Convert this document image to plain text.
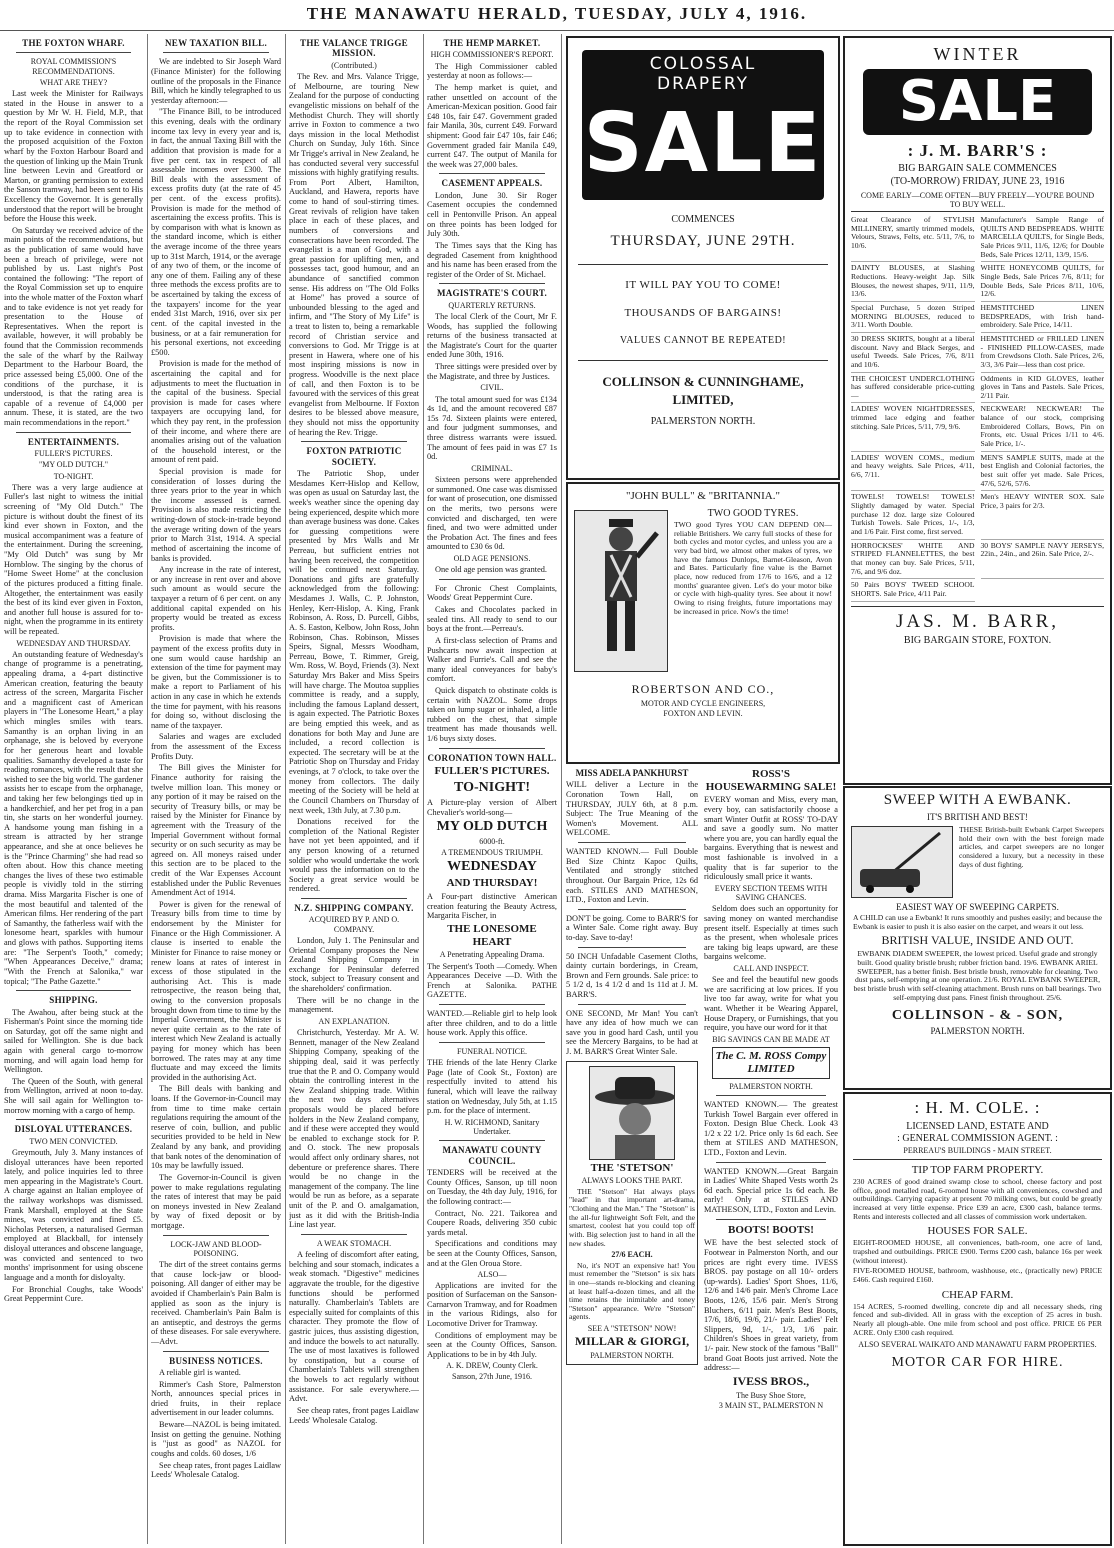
THE MANAWATU HERALD, TUESDAY, JULY 4, 1916.
THE FOXTON WHARF.
ROYAL COMMISSION'S RECOMMENDATIONS.
WHAT ARE THEY?

Last week the Minister for Railways stated in the House in answer to a question by Mr W. H. Field, M.P., that the report of the Royal Commission set up to take evidence in connection with the proposed acquisition of the Foxton wharf by the Foxton Harbour Board and the question of linking up the Main Trunk line between Levin and Greatford or Marton, or granting permission to extend the Sanson tramway, had been sent to His Excellency the Governor. It is generally understood that the report will be brought before the House this week.

On Saturday we received advice of the main points of the recommendations, but as the publication of same would have been a breach of privilege, were not published by us. Last night's Post contained the following: "The report of the Royal Commission set up to enquire into the whole matter of the Foxton wharf and to take evidence is not yet ready for presentation to the House of Representatives. When the report is available, however, it will probably be found that the Commission recommends the sale of the wharf by the Railway Department to the Harbour Board, the price assessed being £5,000. One of the conditions of the purchase, it is understood, is that the rating area is capable of a revenue of £4,000 per annum. These, it is stated, are the two main recommendations in the report."

ENTERTAINMENTS.
FULLER'S PICTURES.
"MY OLD DUTCH."
TO-NIGHT.

There was a very large audience at Fuller's last night to witness the initial screening of "My Old Dutch." The picture is without doubt the finest of its kind ever shown in Foxton, and the musical accompaniment was a feature of the entertainment. During the screening, "My Old Dutch" was sung by Mr Hornblow. The singing by the chorus of "Home Sweet Home" at the conclusion of the pictures produced a fitting finale. Altogether, the entertainment was easily the best of its kind ever given in Foxton, and another full house is assured for to-night, when the programme in its entirety will be repeated.

WEDNESDAY AND THURSDAY.

An outstanding feature of Wednesday's change of programme is a penetrating, appealing drama, a 4-part distinctive American creation, featuring the beauty actress of the screen, Margarita Fischer and a magnificent cast of American players in "The Lonesome Heart," a play which mingles smiles with tears. Samanthy is an orphan living in an orphanage, she is beloved by everyone for her generous heart and lovable qualities. Samanthy developed a taste for reading romances, with the result that she wished to see the big world. The gardener assists her to escape from the orphanage, and taking her few belongings tied up in a handkerchief, and her pet frog in a pan tin, she starts on her wonderful journey. A handsome young man fishing in a stream is attracted by her strange appearance, and she at once believes he is the "Prince Charming" she had read so often about. How this chance meeting changes the lives of these two estimable people is vividly told in the stirring drama. Miss Margarita Fischer is one of the most beautiful and talented of the American films. Her rendering of the part of Samanthy, the fatherless waif with the lonesome heart, sparkles with humour and glows with pathos. Supporting items are: "The Serpent's Tooth," comedy; "When Appearances Deceive," drama; "With the French at Salonika," war topical; "The Pathe Gazette."

SHIPPING.

The Awahou, after being stuck at the Fisherman's Point since the morning tide on Saturday, got off the same night and sailed for Wellington. She is due back again with general cargo to-morrow morning, and will again load hemp for Wellington.

The Queen of the South, with general from Wellington, arrived at noon to-day. She will sail again for Wellington to-morrow morning with a cargo of hemp.

DISLOYAL UTTERANCES.
TWO MEN CONVICTED.

Greymouth, July 3. Many instances of disloyal utterances have been reported lately, and police inquiries led to three men appearing in the Magistrate's Court. A charge against an Italian employee of the railway workshops was dismissed. Frank Marshall, employed at the State mines, was convicted and fined £5. Nicholas Petersen, a naturalised German employed at Blackball, for intensely disloyal utterances and obscene language, was convicted and sentenced to two months' imprisonment for using obscene language and a month for disloyalty.

For Bronchial Coughs, take Woods' Great Peppermint Cure.

NEW TAXATION BILL.

We are indebted to Sir Joseph Ward (Finance Minister) for the following outline of the proposals in the Finance Bill, which he kindly telegraphed to us yesterday afternoon:—

"The Finance Bill, to be introduced this evening, deals with the ordinary income tax levy in every year and is, in fact, the annual Taxing Bill with the addition that provision is made for a five per cent. tax in respect of all assessable incomes over £300. The Bill deals with the assessment of excess profits duty (at the rate of 45 per cent. of the excess profits). Provision is made for the method of ascertaining the excess profits. This is by comparison with what is known as the standard income, which is either the average income of the three years up to 31st March, 1914, or the average of any two of them, or the income of any one of them. Failing any of these three methods the excess profits are to be ascertained by taking the excess of the taxpayers' income for the year ended 31st March, 1916, over six per cent. of the capital invested in the business, or at a fair remuneration for his personal exertions, not exceeding £500.

Provision is made for the method of ascertaining the capital and for adjustments to meet the fluctuation in the capital of the business. Special provision is made for cases where taxpayers are occupying land, for which they pay rent, in the profession of their income, and where there are anomalies arising out of the valuation of the household interest, or the amount of rent paid.

Special provision is made for consideration of losses during the three years prior to the year in which the income assessed is earned. Provision is also made restricting the writing-down of stock-in-trade beyond the average writing down of the years prior to March 31st, 1914. A special method of ascertaining the income of banks is provided.

Any increase in the rate of interest, or any increase in rent over and above such amount as would secure the taxpayer a return of 6 per cent. on any additional capital expended on his property would be treated as excess profits.

Provision is made that where the payment of the excess profits duty in one sum would cause hardship an extension of the time for payment may be given, but the Commissioner is to make a report to Parliament of his action in any case in which he extends the time for payment, with his reasons for doing so, without disclosing the name of the taxpayer.

Salaries and wages are excluded from the assessment of the Excess Profits Duty.

The Bill gives the Minister for Finance authority for raising the twelve million loan. This money or any portion of it may be raised on the security of Treasury bills, or may be raised by the Minister for Finance by agreement with the Treasury of the Imperial Government without formal security or on such security as may be agreed on. All moneys raised under this section are to be placed to the credit of the War Expenses Account established under the Public Revenues Amendment Act of 1914.

Power is given for the renewal of Treasury bills from time to time by endorsement by the Minister for Finance or the High Commissioner. A clause is inserted to enable the Minister for Finance to raise money or renew loans at rates of interest in excess of those stipulated in the authorising Act. This is made retrospective, the reason being that, owing to the conversion proposals brought down from time to time by the Imperial Government, the Minister is never quite certain as to the rate of interest which New Zealand is actually paying for money which has been borrowed. The rates may at any time fluctuate and may exceed the limits provided in the authorising Act.

The Bill deals with banking and loans. If the Governor-in-Council may from time to time make certain regulations requiring the amount of the reserve of coin, bullion, and public securities provided to be held in New Zealand by any bank, and providing that bank notes of the denomination of 10s may be lawfully issued.

The Governor-in-Council is given power to make regulations regulating the rates of interest that may be paid on moneys invested in New Zealand by way of fixed deposit or by mortgage.

LOCK-JAW AND BLOOD-POISONING.

The dirt of the street contains germs that cause lock-jaw or blood-poisoning. All danger of either may be avoided if Chamberlain's Pain Balm is applied as soon as the injury is received. Chamberlain's Pain Balm is an antiseptic, and destroys the germs of these diseases. For sale everywhere.—Advt.

BUSINESS NOTICES.

A reliable girl is wanted.

Rimmer's Cash Store, Palmerston North, announces special prices in dried fruits, in their replace advertisement in our leader columns.

Beware—NAZOL is being imitated. Insist on getting the genuine. Nothing is "just as good" as NAZOL for coughs and colds. 60 doses, 1/6

See cheap rates, front pages Laidlaw Leeds' Wholesale Catalog.

THE VALANCE TRIGGE MISSION.
(Contributed.)

The Rev. and Mrs. Valance Trigge, of Melbourne, are touring New Zealand for the purpose of conducting evangelistic missions on behalf of the Methodist Church. They will shortly arrive in Foxton to commence a two days mission in the local Methodist Church on Sunday, July 16th. Since Mr Trigge's arrival in New Zealand, he has conducted several very successful missions with highly gratifying results. From Port Albert, Hamilton, Auckland, and Hawera, reports have come to hand of soul-stirring times. Great revivals of religion have taken place in each of these places, and numbers of conversions and consecrations have been recorded. The evangelist is a man of God, with a great passion for uplifting men, and possesses tact, good humour, and an abundance of sanctified common sense. His address on "The Old Folks at Home" has proved a source of unbounded blessing to the aged and infirm, and "The Story of My Life" is a treat to listen to, being a remarkable record of Christian service and conversions to God. Mr Trigge is at present in Hawera, where one of his most inspiring missions is now in progress. Woodville is the next place of call, and then Foxton is to be favoured with the services of this great evangelist from Melbourne. If Foxton desires to be blessed above measure, they should not miss the opportunity of hearing the Rev. Trigge.

FOXTON PATRIOTIC SOCIETY.

The Patriotic Shop, under Mesdames Kerr-Hislop and Kellow, was open as usual on Saturday last, the week's weather since the opening day being experienced, despite which more than average business was done. Cakes for guessing competitions were presented by Mrs Walls and Mr Perreau, but sufficient entries not having been received, the competition will be continued next Saturday. Donations and gifts are gratefully acknowledged from the following: Mesdames J. Walls, C. P. Johnston, Henley, Kerr-Hislop, A. King, Frank Robinson, A. Ross, D. Purcell, Gibbs, A. S. Easton, Kelbow, John Ross, John Robinson, Chas. Robinson, Misses Speirs, Signal, Messrs Woodham, Perreau, Bowe, T. Rimmer, Greig, Wm. Ross, W. Boyd, Friends (3). Next Saturday Mrs Baker and Miss Speirs will have charge. The Moutoa supplies committee is ready, and a supply, including the famous Lapland dessert, is again expected. The Patriotic Boxes are being emptied this week, and as donations for both May and June are included, a record collection is expected. The secretary will be at the Patriotic Shop on Thursday and Friday evenings, at 7 o'clock, to take over the money from collectors. The daily meeting of the Society will be held at the Council Chambers on Thursday of next week, 13th July, at 7.30 p.m.

Donations received for the completion of the National Register have not yet been appointed, and if any person knowing of a returned soldier who would undertake the work would pass the information on to the Society a great service would be rendered.

N.Z. SHIPPING COMPANY.
ACQUIRED BY P. AND O. COMPANY.

London, July 1. The Peninsular and Oriental Company proposes the New Zealand Shipping Company in exchange for Peninsular deferred stock, subject to Treasury consent and the shareholders' confirmation.

There will be no change in the management.

AN EXPLANATION.

Christchurch, Yesterday. Mr A. W. Bennett, manager of the New Zealand Shipping Company, speaking of the shipping deal, said it was perfectly true that the P. and O. Company would obtain the controlling interest in the New Zealand shipping trade. Within the next two days alternatives proposals would be placed before holders in the New Zealand company, and if these were accepted they would be enabled to exchange stock for P. and O. stock. The new proposals would affect only ordinary shares, not debenture or preference shares. There would be no change in the management of the company. The line would be run as before, as a separate unit of the P. and O. amalgamation, just as it did with the British-India Line last year.

A WEAK STOMACH.

A feeling of discomfort after eating, belching and sour stomach, indicates a weak stomach. "Digestive" medicines aggravate the trouble, for the digestive functions should be performed naturally. Chamberlain's Tablets are especially suited for complaints of this character. They promote the flow of gastric juices, thus assisting digestion, and induce the bowels to act naturally. The use of most laxatives is followed by constipation, but a course of Chamberlain's Tablets will strengthen the bowels to act regularly without assistance. For sale everywhere.—Advt.

See cheap rates, front pages Laidlaw Leeds' Wholesale Catalog.

THE HEMP MARKET.
HIGH COMMISSIONER'S REPORT.

The High Commissioner cabled yesterday at noon as follows:—

The hemp market is quiet, and rather unsettled on account of the American-Mexican position. Good fair £48 10s, fair £47. Government graded fair Manila, 30s, current £49. Forward shipment: Good fair £47 10s, fair £46; Government graded fair Manila £49, current £47. The output of Manila for the week was 27,000 bales.

CASEMENT APPEALS.

London, June 30. Sir Roger Casement occupies the condemned cell in Pentonville Prison. An appeal on three points has been lodged for July 30th.

The Times says that the King has degraded Casement from knighthood and his name has been erased from the register of the Order of St. Michael.

MAGISTRATE'S COURT.
QUARTERLY RETURNS.

The local Clerk of the Court, Mr F. Woods, has supplied the following returns of the business transacted at the Magistrate's Court for the quarter ended June 30th, 1916.

Three sittings were presided over by the Magistrate, and three by Justices.

CIVIL.

The total amount sued for was £134 4s 1d, and the amount recovered £87 15s 7d. Sixteen plaints were entered, and four judgment summonses, and three distress warrants were issued. The amount of fees paid in was £7 1s 0d.

CRIMINAL.

Sixteen persons were apprehended or summoned. One case was dismissed for want of prosecution, one dismissed on the merits, two persons were convicted and discharged, ten were fined, and two were admitted under the Probation Act. The fines and fees amounted to £30 6s 0d.

OLD AGE PENSIONS.

One old age pension was granted.

For Chronic Chest Complaints, Woods' Great Peppermint Cure.

Cakes and Chocolates packed in sealed tins. All ready to send to our boys at the front.—Perreau's.

A first-class selection of Prams and Pushcarts now await inspection at Walker and Furrie's. Call and see the many ideal conveyances for baby's comfort.

Quick dispatch to obstinate colds is certain with NAZOL. Some drops taken on lump sugar or inhaled, a little rubbed on the chest, that simple treatment has made thousands well. 1/6 buys sixty doses.

CORONATION TOWN HALL.
FULLER'S PICTURES.
TO-NIGHT!

A Picture-play version of Albert Chevalier's world-song—

MY OLD DUTCH
6000-ft.
A TREMENDOUS TRIUMPH.
WEDNESDAY
AND THURSDAY!

A Four-part distinctive American creation featuring the Beauty Actress, Margarita Fischer, in

THE LONESOME HEART
A Penetrating Appealing Drama.

The Serpent's Tooth —Comedy. When Appearances Deceive —D. With the French at Salonika. PATHE GAZETTE.

WANTED.—Reliable girl to help look after three children, and to do a little house work. Apply this office.

FUNERAL NOTICE.

THE friends of the late Henry Clarke Page (late of Cook St., Foxton) are respectfully invited to attend his funeral, which will leave the railway station on Wednesday, July 5th, at 1.15 p.m. for the place of interment.

H. W. RICHMOND, Sanitary Undertaker.
MANAWATU COUNTY COUNCIL.

TENDERS will be received at the County Offices, Sanson, up till noon on Tuesday, the 4th day July, 1916, for the following contract:—

Contract, No. 221. Taikorea and Coupere Roads, delivering 350 cubic yards metal.

Specifications and conditions may be seen at the County Offices, Sanson, and at the Glen Oroua Store.

ALSO—

Applications are invited for the position of Surfaceman on the Sanson-Carnarvon Tramway, and for Roadmen in the various Ridings, also for Locomotive Driver for Tramway.

Conditions of employment may be seen at the County Offices, Sanson. Applications to be in by 4th July.

A. K. DREW, County Clerk.
Sanson, 27th June, 1916.
COLOSSAL
DRAPERY
SALE
COMMENCES
THURSDAY, JUNE 29TH.
IT WILL PAY YOU TO COME!
THOUSANDS OF BARGAINS!
VALUES CANNOT BE REPEATED!
COLLINSON & CUNNINGHAME, LIMITED,
PALMERSTON NORTH.
"JOHN BULL" & "BRITANNIA."
TWO GOOD TYRES.

TWO good Tyres YOU CAN DEPEND ON—reliable Britishers. We carry full stocks of these for both cycles and motor cycles, and unless you are a very bad bird, we almost other makes of tyres, we have the famous Dunlops, Barnet-Gleason, Avon and Bates. Particularly fine value is the Barnet place, now reduced from 17/6 to 16/6, and a 12 months' guarantee given. Let's do your motor bike or cycle with high-quality tyres. See about it now! Owing to rising freights, future importations may be increased in price. Now's the time!

ROBERTSON AND CO.,
MOTOR AND CYCLE ENGINEERS,
FOXTON AND LEVIN.
WINTER
SALE
: J. M. BARR'S :
BIG BARGAIN SALE COMMENCES
(TO-MORROW) FRIDAY, JUNE 23, 1916
COME EARLY—COME OFTEN—BUY FREELY—YOU'RE BOUND TO BUY WELL.
Great Clearance of STYLISH MILLINERY, smartly trimmed models, Velours, Straws, Felts, etc. 5/11, 7/6, to 10/6.
Manufacturer's Sample Range of QUILTS AND BEDSPREADS. WHITE MARCELLA QUILTS, for Single Beds, Sale Prices 9/11, 11/6, 12/6; for Double Beds, Sale Prices 12/11, 13/9, 15/6.
DAINTY BLOUSES, at Slashing Reductions. Heavy-weight Jap. Silk Blouses, the newest shapes, 9/11, 11/9, 13/6.
WHITE HONEYCOMB QUILTS, for Single Beds, Sale Prices 7/6, 8/11; for Double Beds, Sale Prices 8/11, 10/6, 12/6.
Special Purchase, 5 dozen Striped MORNING BLOUSES, reduced to 3/11. Worth Double.
HEMSTITCHED LINEN BEDSPREADS, with Irish hand-embroidery. Sale Price, 14/11.
30 DRESS SKIRTS, bought at a liberal discount. Navy and Black Serges, and useful Tweeds. Sale Prices, 7/6, 8/11 and 10/6.
HEMSTITCHED or FRILLED LINEN - FINISHED PILLOW-CASES, made from Crewdsons Cloth. Sale Prices, 2/6, 3/3, 3/6 Pair—less than cost price.
THE CHOICEST UNDERCLOTHING has suffered considerable price-cutting—
Oddments in KID GLOVES, leather gloves in Tans and Pastels. Sale Prices, 2/11 Pair.
LADIES' WOVEN NIGHTDRESSES, trimmed lace edging and feather stitching. Sale Prices, 5/11, 7/9, 9/6.
NECKWEAR! NECKWEAR! The balance of our stock, comprising Embroidered Collars, Bows, Pin on Fronts, etc. Usual Prices 1/11 to 4/6. Sale Price, 1/-.
LADIES' WOVEN COMS., medium and heavy weights. Sale Prices, 4/11, 6/6, 7/11.
MEN'S SAMPLE SUITS, made at the best English and Colonial factories, the best suit offer yet made. Sale Prices, 47/6, 52/6, 57/6.
TOWELS! TOWELS! TOWELS! Slightly damaged by water. Special purchase 12 doz. large size Coloured Turkish Towels. Sale Prices, 1/-, 1/3, and 1/6 Pair. First come, first served.
Men's HEAVY WINTER SOX. Sale Price, 3 pairs for 2/3.
HORROCKSES' WHITE AND STRIPED FLANNELETTES, the best that money can buy. Sale Prices, 5/11, 7/6, and 9/6 doz.
30 BOYS' SAMPLE NAVY JERSEYS, 22in., 24in., and 26in. Sale Price, 2/-.
50 Pairs BOYS' TWEED SCHOOL SHORTS. Sale Price, 4/11 Pair.
JAS. M. BARR,
BIG BARGAIN STORE, FOXTON.
MISS ADELA PANKHURST

WILL deliver a Lecture in the Coronation Town Hall, on THURSDAY, JULY 6th, at 8 p.m. Subject: The True Meaning of the Women's Movement. ALL WELCOME.

WANTED KNOWN.— Full Double Bed Size Chintz Kapoc Quilts, Ventilated and strongly stitched throughout. Our Bargain Price, 12s 6d each. STILES AND MATHESON, LTD., Foxton and Levin.

DON'T be going. Come to BARR'S for a Winter Sale. Come right away. Buy to-day. Save to-day!

50 INCH Unfadable Casement Cloths, dainty curtain borderings, in Cream, Brown and Fern grounds. Sale price: to 5 1/2 d, 1s 4 1/2 d and 1s 11d at J. M. BARR'S.

ONE SECOND, Mr Man! You can't have any idea of how much we can save you in good hard Cash, until you see the Mercery Bargains, to be had at J. M. BARR'S Great Winter Sale.

THE 'STETSON'
ALWAYS LOOKS THE PART.

THE "Stetson" Hat always plays "lead" in that important art-drama, "Clothing and the Man." The "Stetson" is the all-fur lightweight Soft Felt, and the smartest, coolest hat you could top off with. Big selection just to hand in all the new shades.

27/6 EACH.

No, it's NOT an expensive hat! You must remember the "Stetson" is six hats in one—stands re-blocking and cleaning at least half-a-dozen times, and all the time retains the inimitable and toney "Stetson" appearance. We're "Stetson" agents.

SEE A "STETSON" NOW!
MILLAR & GIORGI,
PALMERSTON NORTH.
ROSS'S HOUSEWARMING SALE!

EVERY woman and Miss, every man, every boy, can satisfactorily choose a smart Winter Outfit at ROSS' TO-DAY and save a goodly sum. No matter where you are, you can hardly equal the bargains. Everything that is newest and most fashionable is involved in a quality that is far superior to the ridiculously small price it wants.

EVERY SECTION TEEMS WITH SAVING CHANCES.

Seldom does such an opportunity for saving money on wanted merchandise present itself. Especially at times such as the present, when wholesale prices are taking big leaps upward, are these bargains welcome.

CALL AND INSPECT.

See and feel the beautiful new goods we are sacrificing at low prices. If you live too far away, write for what you want. Whether it be Wearing Apparel, House Drapery, or Furnishings, that you require, you have our word for it that

BIG SAVINGS CAN BE MADE AT
The C. M. ROSS Compy LIMITED
PALMERSTON NORTH.

WANTED KNOWN.— The greatest Turkish Towel Bargain ever offered in Foxton. Design Blue Check. Look 43 1/2 x 22 1/2. Price only 1s 6d each. See them at STILES AND MATHESON, LTD., Foxton and Levin.

WANTED KNOWN.—Great Bargain in Ladies' White Shaped Vests worth 2s 6d each. Special price 1s 6d each. Be early! Only at STILES AND MATHESON, LTD., Foxton and Levin.

BOOTS! BOOTS!

WE have the best selected stock of Footwear in Palmerston North, and our prices are right every time. IVESS BROS. pay postage on all 10/- orders (up-wards). Ladies' Sport Shoes, 11/6, 12/6 and 14/6 pair. Men's Chrome Lace Boots, 12/6, 15/6 pair. Men's Strong Bluchers, 6/11 pair. Men's Best Boots, 17/6, 18/6, 19/6, 21/- pair. Ladies' Felt Slippers, 9d, 1/-, 1/3, 1/6 pair. Children's Shoes in great variety, from 1/- pair. New stock of the famous "Ball" brand Goat Boots just arrived. Note the address:—

IVESS BROS.,
The Busy Shoe Store,
3 MAIN ST., PALMERSTON N
SWEEP WITH A EWBANK.
IT'S BRITISH AND BEST!

THESE British-built Ewbank Carpet Sweepers hold their own with the best foreign made articles, and carpet sweepers are no longer considered a luxury, but a necessity in these days of dust fighting.

EASIEST WAY OF SWEEPING CARPETS.

A CHILD can use a Ewbank! It runs smoothly and pushes easily; and because the Ewbank is easier to push it is also easier on the carpet, and wears it out less.

BRITISH VALUE, INSIDE AND OUT.

EWBANK DIADEM SWEEPER, the lowest priced. Useful grade and strongly built. Good quality bristle brush; rubber friction band. 19/6. EWBANK ARIEL SWEEPER, has a better finish. Best bristle brush, removable for cleaning. Two dust pans, self-emptying at one operation. 21/6. ROYAL EWBANK SWEEPER, best bristle brush with self-cleaning attachment. Brush runs on ball bearings. Two self-emptying dust pans. Finest finish throughout. 25/6.

COLLINSON - & - SON,
PALMERSTON NORTH.
: H. M. COLE. :
LICENSED LAND, ESTATE AND
: GENERAL COMMISSION AGENT. :
PERREAU'S BUILDINGS - MAIN STREET.
TIP TOP FARM PROPERTY.

230 ACRES of good drained swamp close to school, cheese factory and post office, good metalled road, 6-roomed house with all conveniences, cowshed and outbuildings. Carrying capacity at present 70 milking cows, but could be greatly increased at very little expense. Price £39 an acre, £300 cash, balance terms. Rents and interests collected and all classes of commission work undertaken.

HOUSES FOR SALE.

EIGHT-ROOMED HOUSE, all conveniences, bath-room, one acre of land, trapshed and outbuildings. PRICE £900. Terms £200 cash, balance 16s per week (without interest).

FIVE-ROOMED HOUSE, bathroom, washhouse, etc., (practically new) PRICE £466. Cash required £160.

CHEAP FARM.

154 ACRES, 5-roomed dwelling, concrete dip and all necessary sheds, ring fenced and sub-divided. All in grass with the exception of 25 acres in bush. Nearly all plough-able. One mile from school and post office. PRICE £6 PER ACRE. Only £300 cash required.

ALSO SEVERAL WAIKATO AND MANAWATU FARM PROPERTIES.
MOTOR CAR FOR HIRE.
